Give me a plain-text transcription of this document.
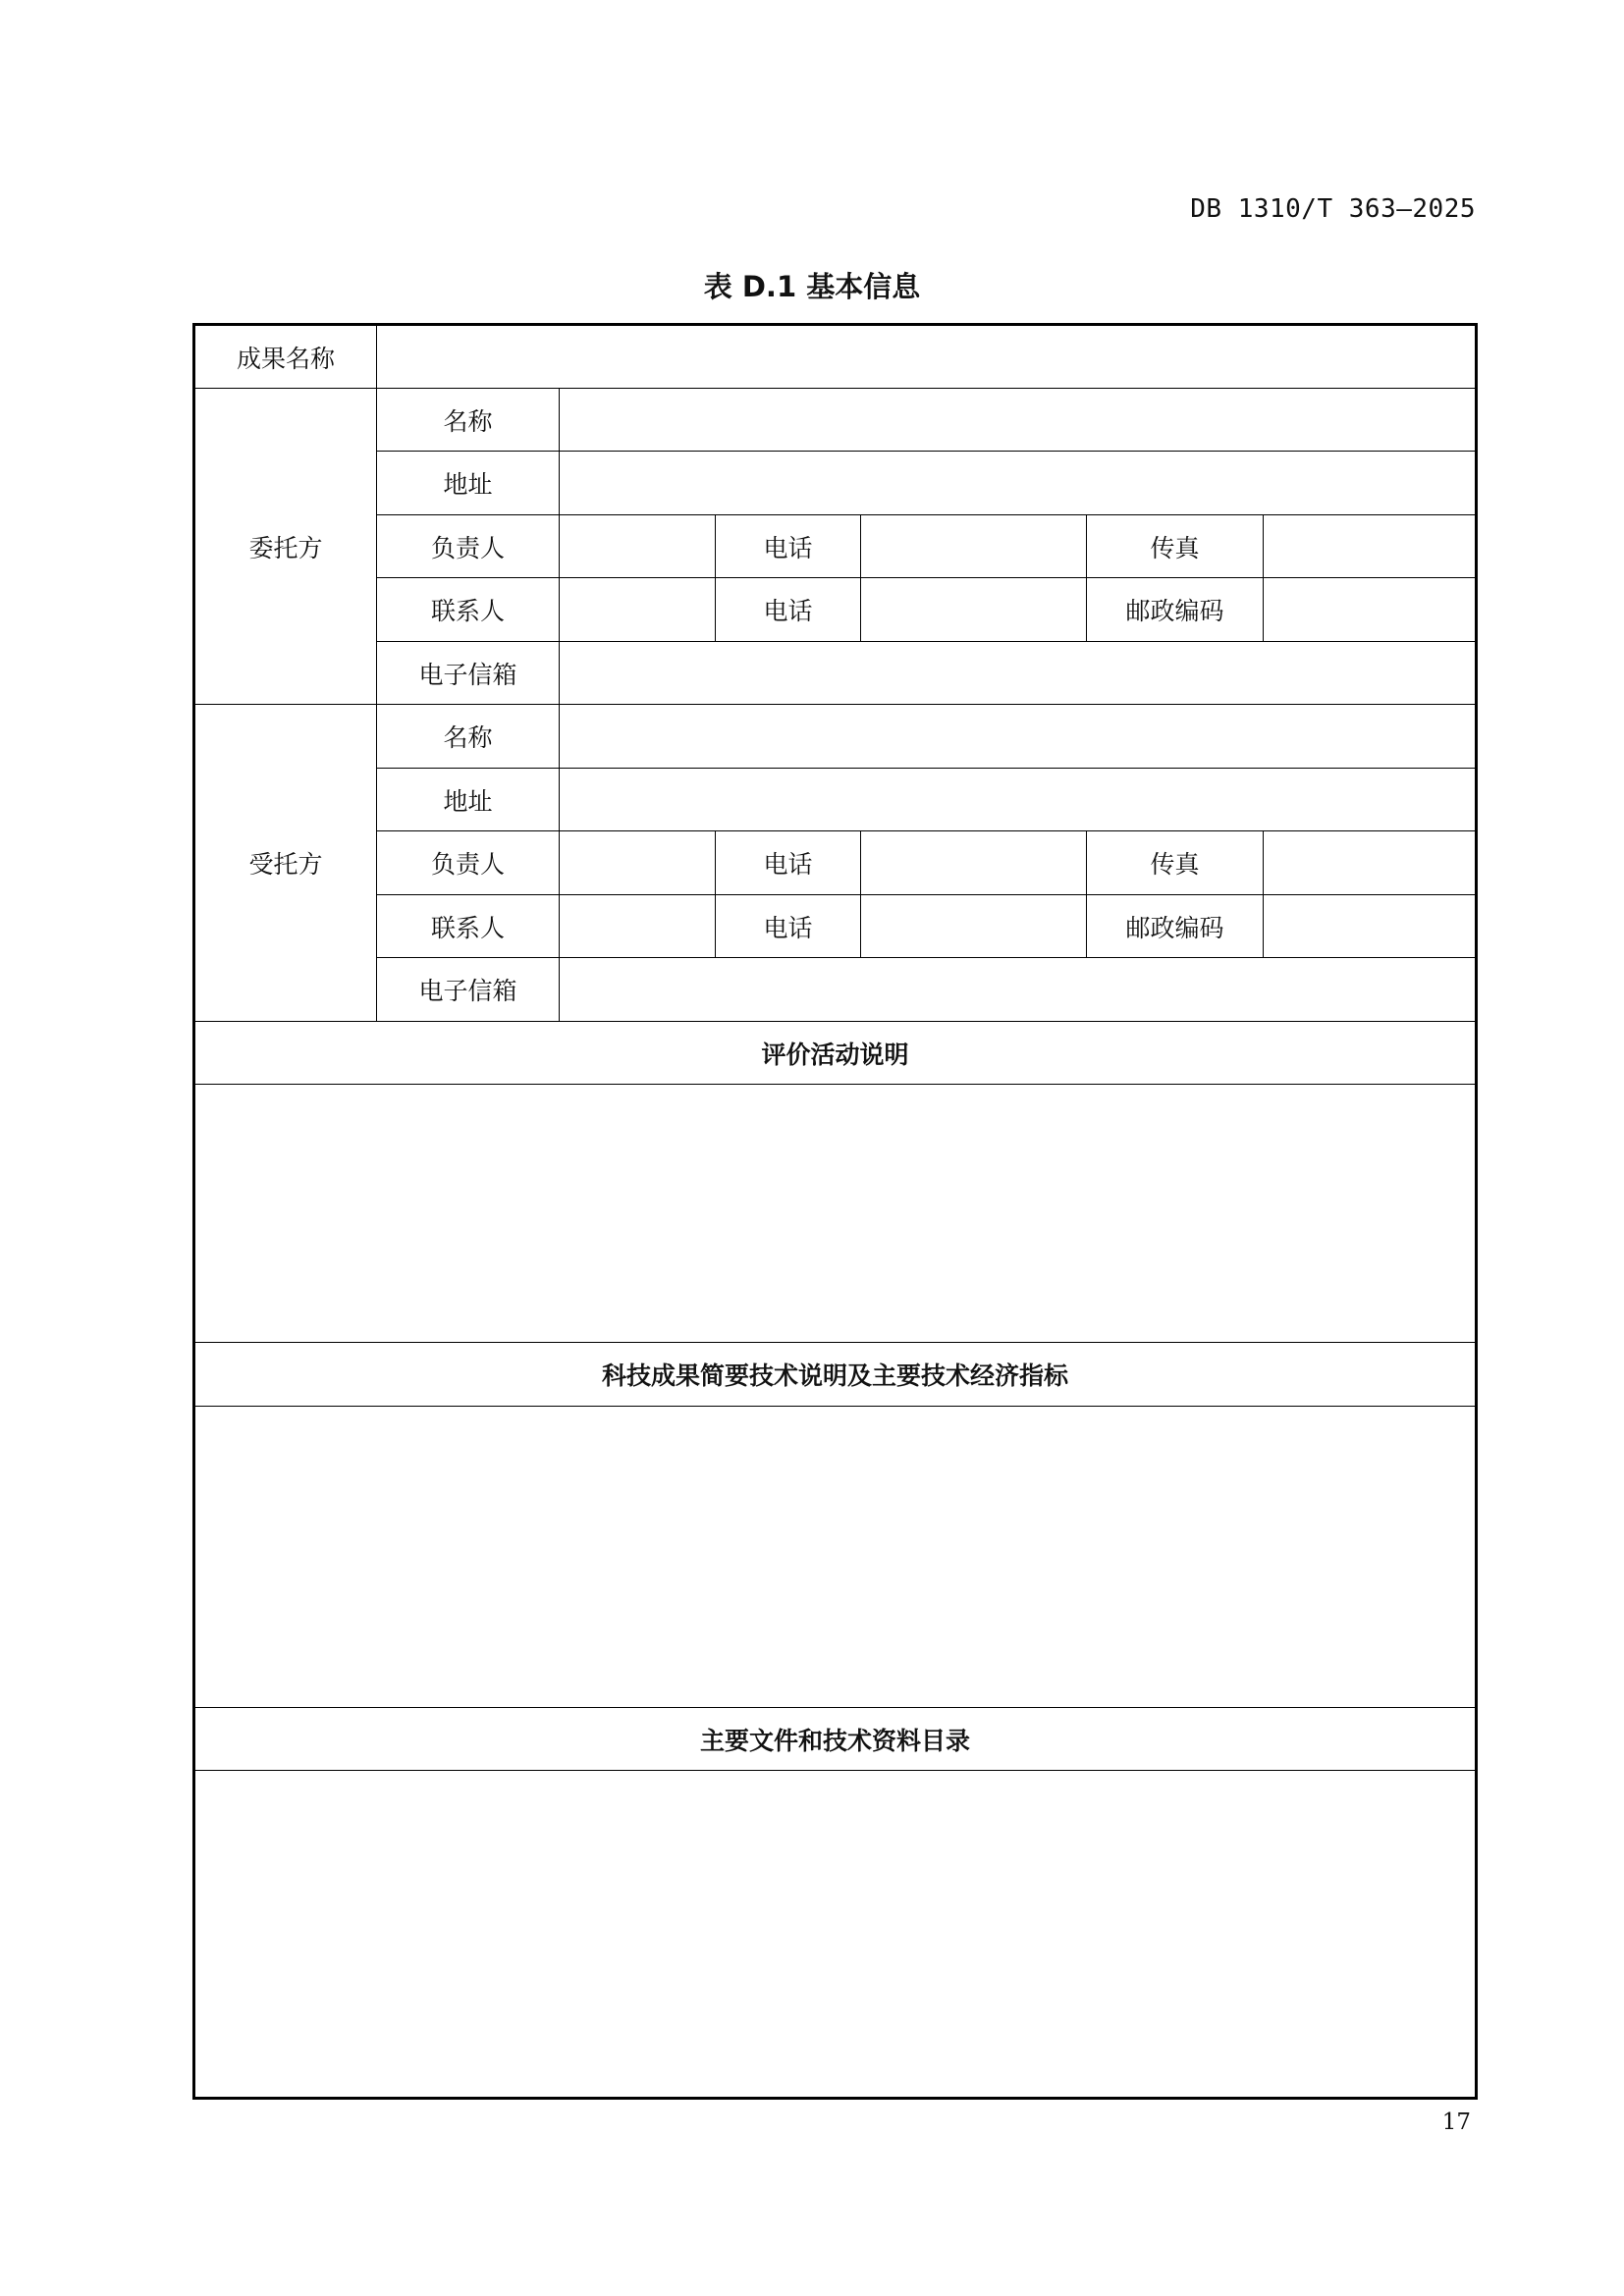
DB 1310/T 363—2025
表 D.1 基本信息
成果名称						
委托方	名称					
	地址					
	负责人		电话		传真	
	联系人		电话		邮政编码	
	电子信箱					
受托方	名称					
	地址					
	负责人		电话		传真	
	联系人		电话		邮政编码	
	电子信箱					
评价活动说明						

科技成果简要技术说明及主要技术经济指标						

主要文件和技术资料目录						

17
